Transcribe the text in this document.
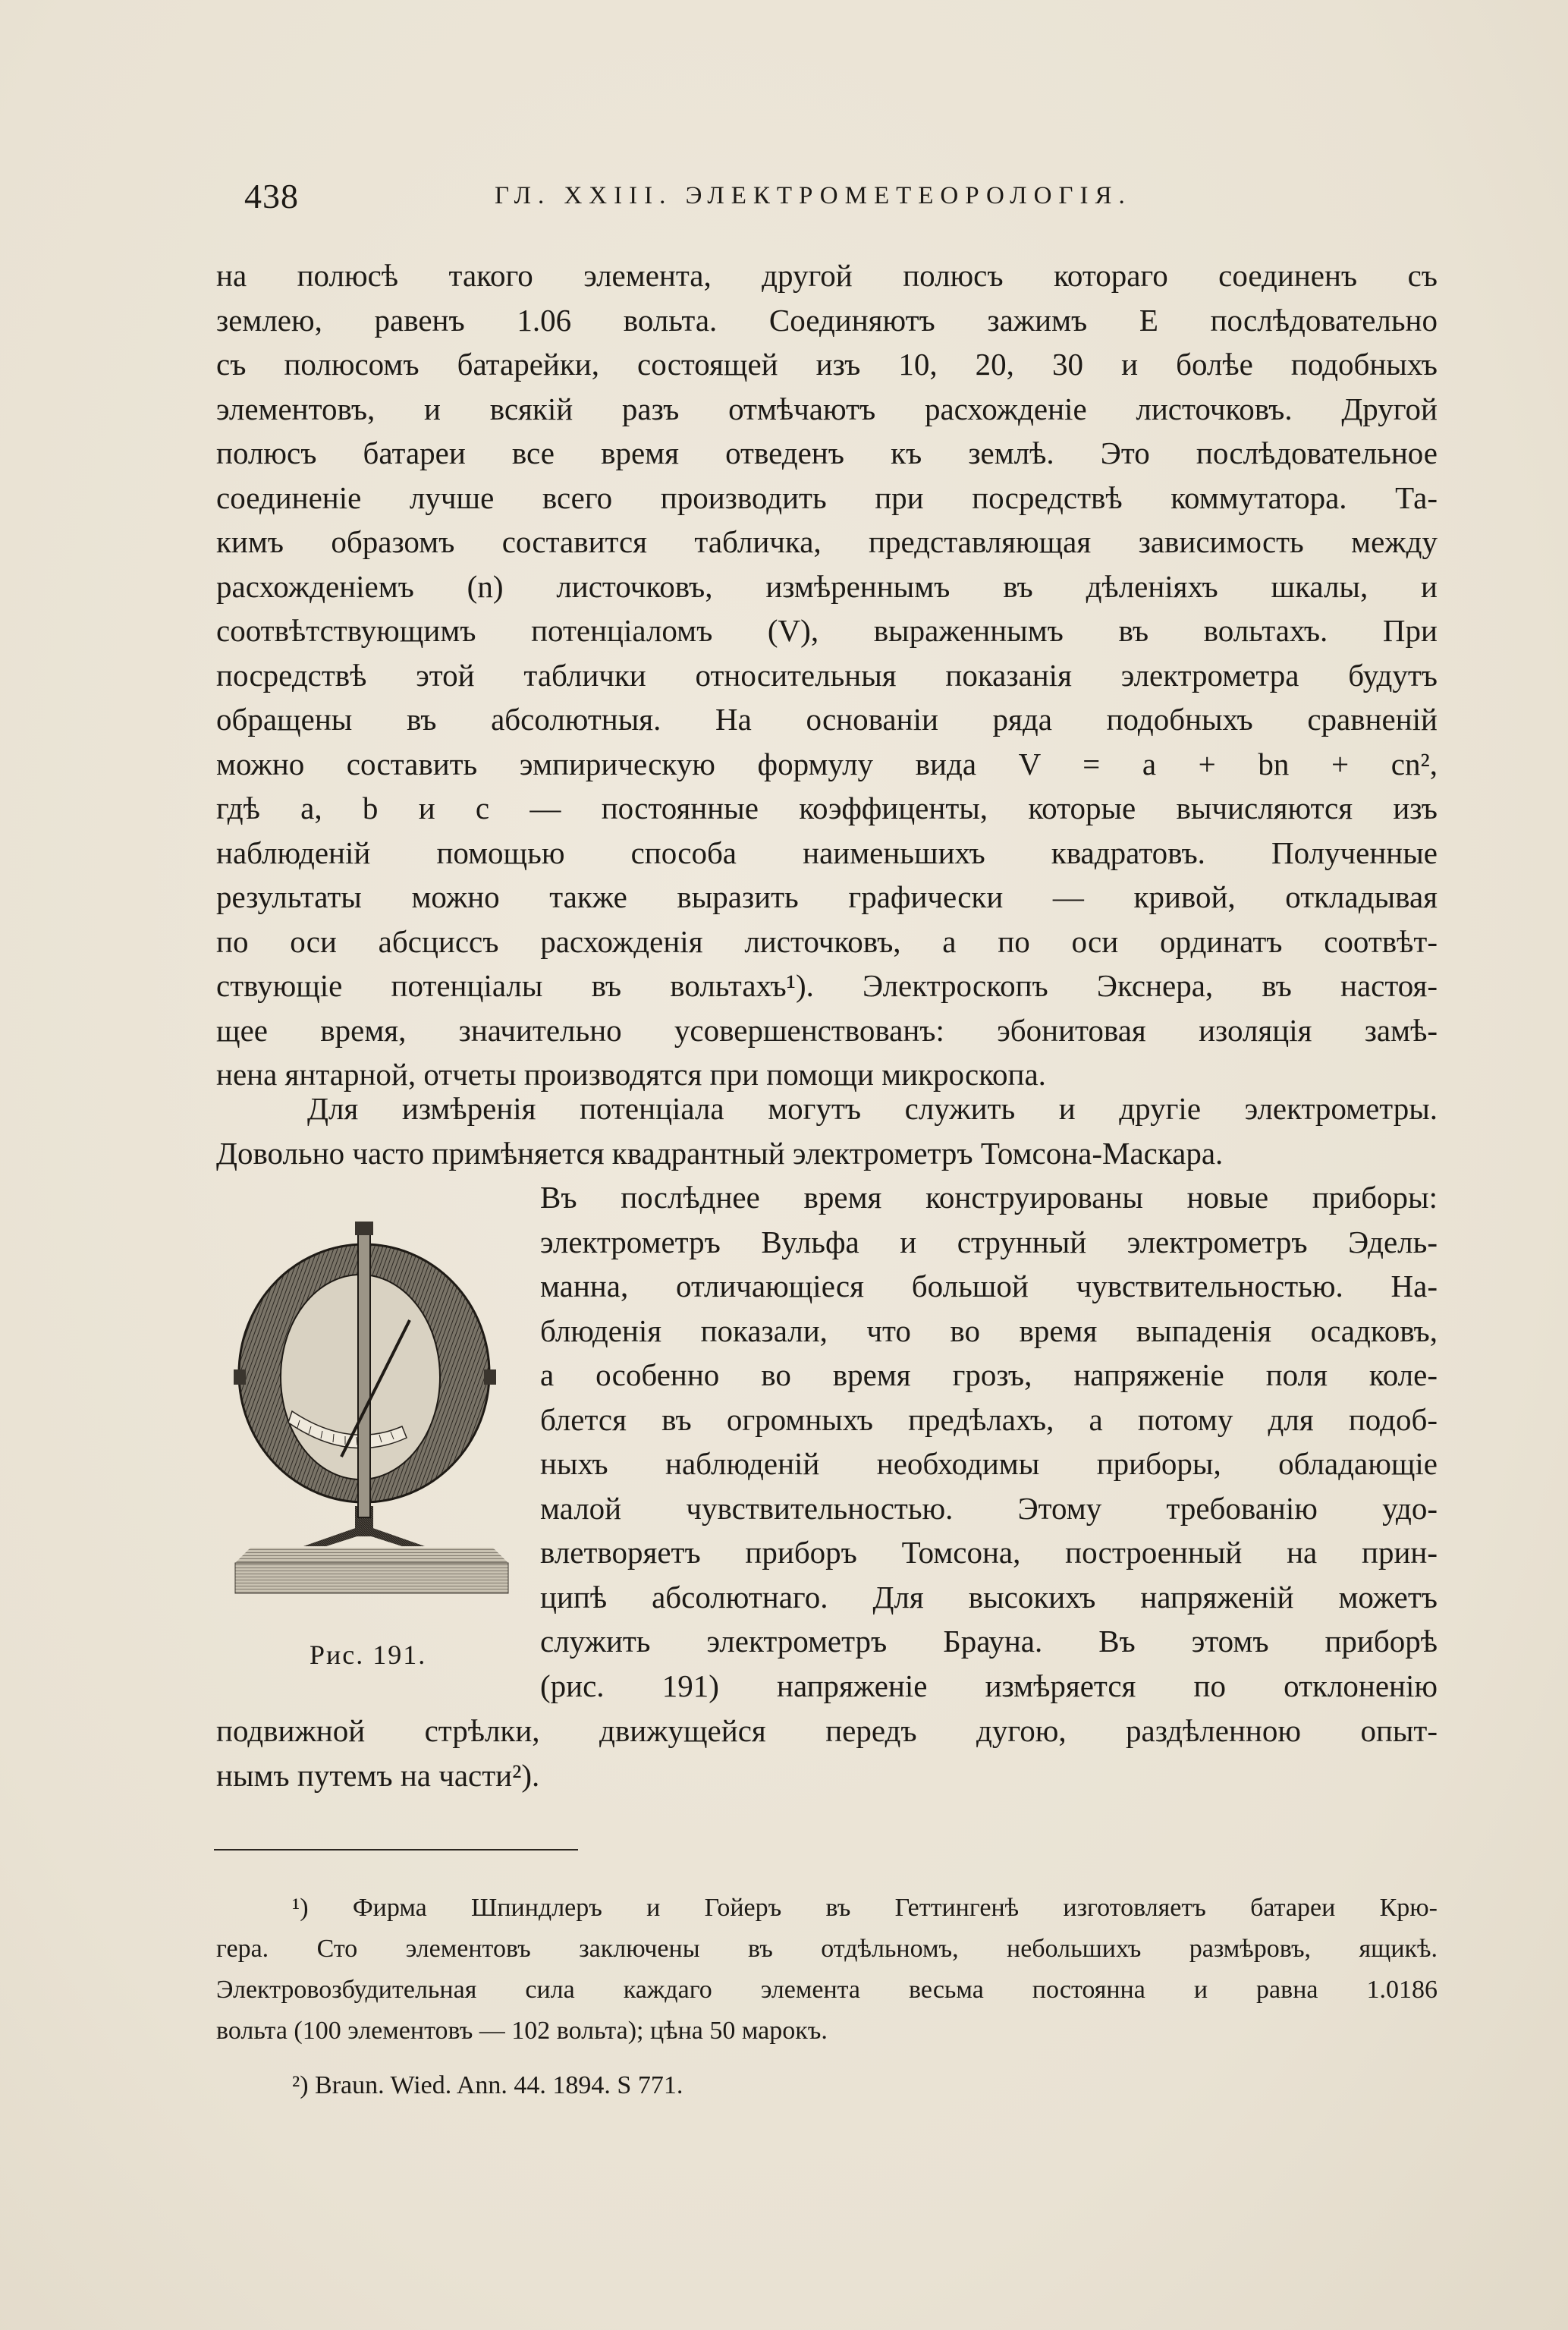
438	ГЛ. XXIII. ЭЛЕКТРОМЕТЕОРОЛОГІЯ.
на полюсѣ такого элемента, другой полюсъ котораго соединенъ съ
землею, равенъ 1.06 вольта. Соединяютъ зажимъ E послѣдовательно
съ полюсомъ батарейки, состоящей изъ 10, 20, 30 и болѣе подобныхъ
элементовъ, и всякій разъ отмѣчаютъ расхожденіе листочковъ. Другой
полюсъ батареи все время отведенъ къ землѣ. Это послѣдовательное
соединеніе лучше всего производить при посредствѣ коммутатора. Та-
кимъ образомъ составится табличка, представляющая зависимость между
расхожденіемъ (n) листочковъ, измѣреннымъ въ дѣленіяхъ шкалы, и
соотвѣтствующимъ потенціаломъ (V), выраженнымъ въ вольтахъ. При
посредствѣ этой таблички относительныя показанія электрометра будутъ
обращены въ абсолютныя. На основаніи ряда подобныхъ сравненій
можно составить эмпирическую формулу вида V = a + bn + cn²,
гдѣ a, b и c — постоянные коэффиценты, которые вычисляются изъ
наблюденій помощью способа наименьшихъ квадратовъ. Полученные
результаты можно также выразить графически — кривой, откладывая
по оси абсциссъ расхожденія листочковъ, а по оси ординатъ соотвѣт-
ствующіе потенціалы въ вольтахъ¹). Электроскопъ Экснера, въ настоя-
щее время, значительно усовершенствованъ: эбонитовая изоляція замѣ-
нена янтарной, отчеты производятся при помощи микроскопа.
Для измѣренія потенціала могутъ служить и другіе электрометры.
Довольно часто примѣняется квадрантный электрометръ Томсона-Маскара.
Въ послѣднее время конструированы новые приборы:
электрометръ Вульфа и струнный электрометръ Эдель-
манна, отличающіеся большой чувствительностью. На-
блюденія показали, что во время выпаденія осадковъ,
а особенно во время грозъ, напряженіе поля коле-
блется въ огромныхъ предѣлахъ, а потому для подоб-
ныхъ наблюденій необходимы приборы, обладающіе
малой чувствительностью. Этому требованію удо-
влетворяетъ приборъ Томсона, построенный на прин-
ципѣ абсолютнаго. Для высокихъ напряженій можетъ
служить электрометръ Брауна. Въ этомъ приборѣ
(рис. 191) напряженіе измѣряется по отклоненію
подвижной стрѣлки, движущейся передъ дугою, раздѣленною опыт-
нымъ путемъ на части²).
Рис. 191.
¹) Фирма Шпиндлеръ и Гойеръ въ Геттингенѣ изготовляетъ батареи Крю-
гера. Сто элементовъ заключены въ отдѣльномъ, небольшихъ размѣровъ, ящикѣ.
Электровозбудительная сила каждаго элемента весьма постоянна и равна 1.0186
вольта (100 элементовъ — 102 вольта); цѣна 50 марокъ.
²) Braun. Wied. Ann. 44. 1894. S 771.
